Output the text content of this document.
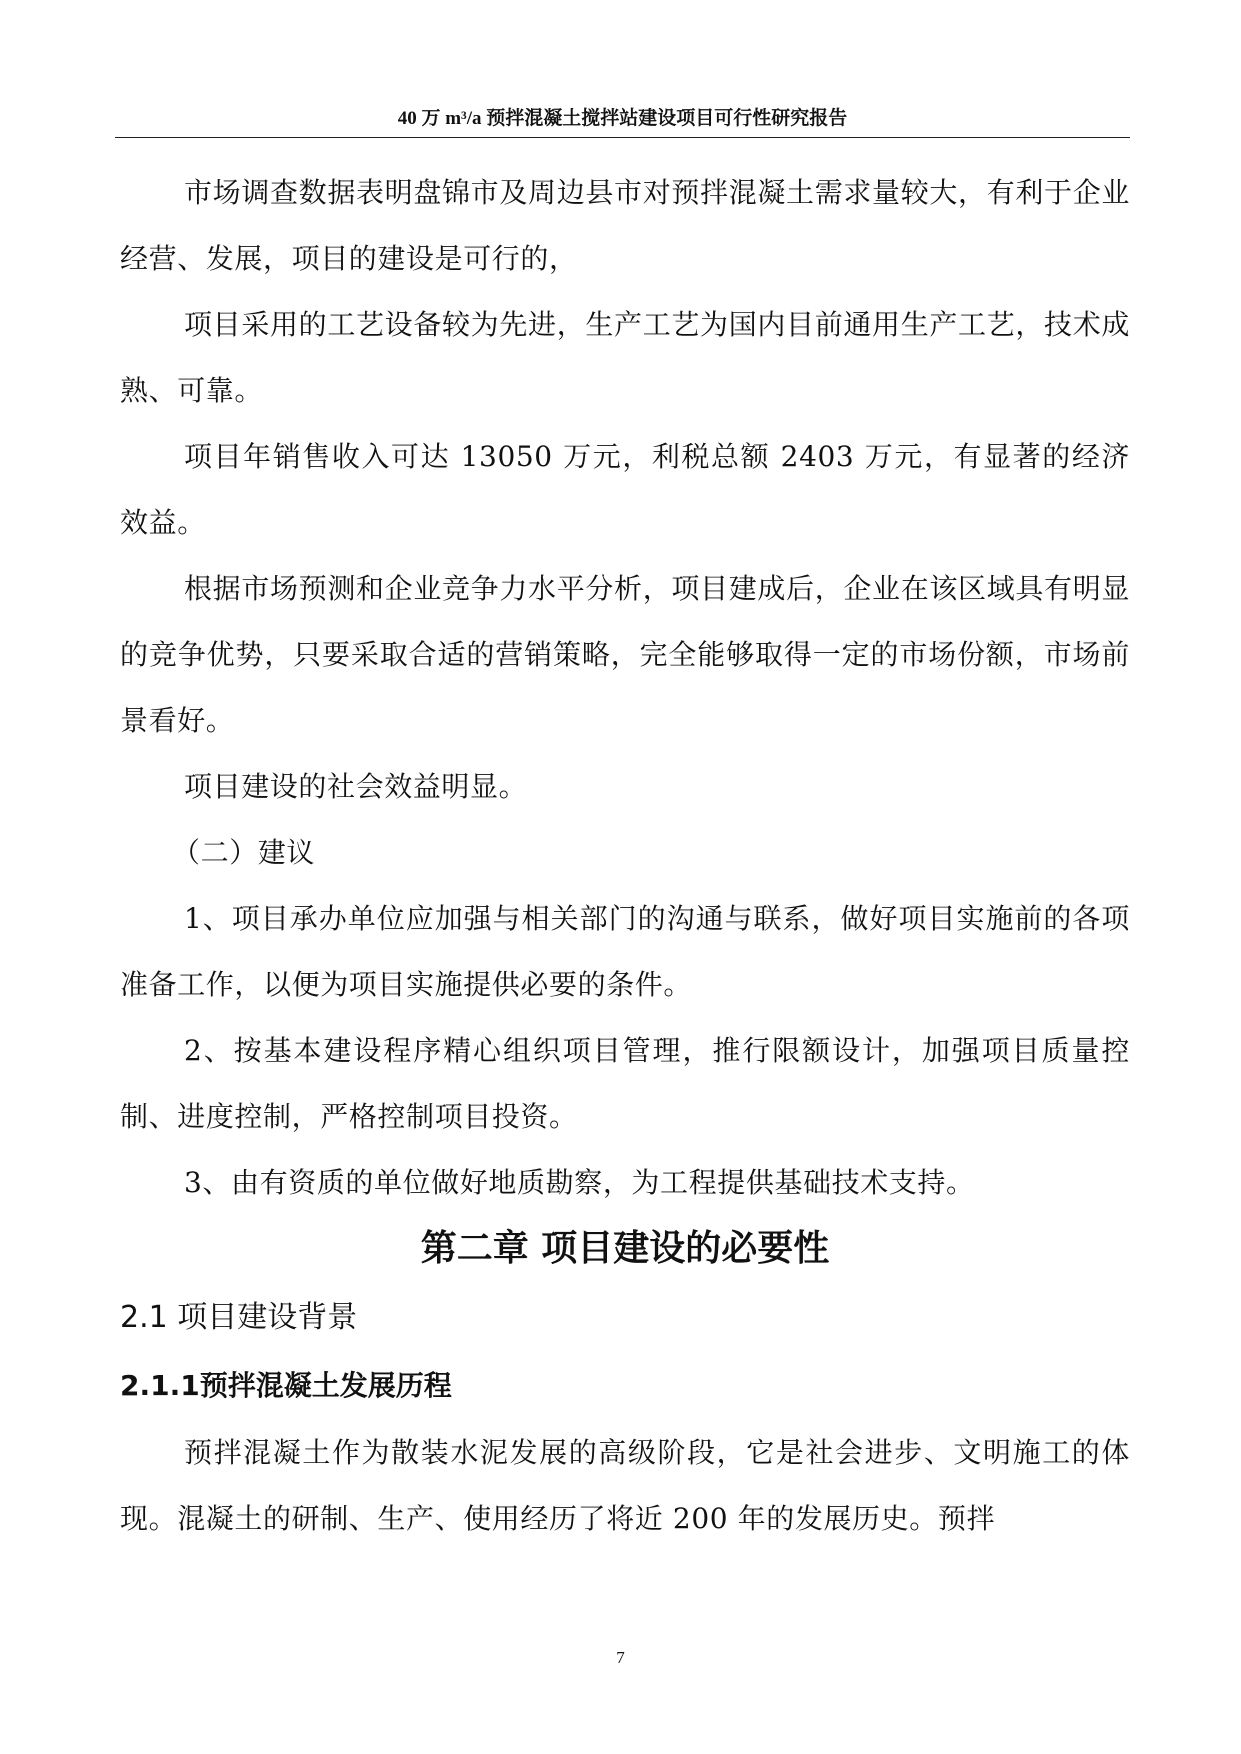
40 万 m³/a 预拌混凝土搅拌站建设项目可行性研究报告

市场调查数据表明盘锦市及周边县市对预拌混凝土需求量较大，有利于企业经营、发展，项目的建设是可行的，

项目采用的工艺设备较为先进，生产工艺为国内目前通用生产工艺，技术成熟、可靠。

项目年销售收入可达 13050 万元，利税总额 2403 万元，有显著的经济效益。

根据市场预测和企业竞争力水平分析，项目建成后，企业在该区域具有明显的竞争优势，只要采取合适的营销策略，完全能够取得一定的市场份额，市场前景看好。

项目建设的社会效益明显。

（二）建议

1、项目承办单位应加强与相关部门的沟通与联系，做好项目实施前的各项准备工作，以便为项目实施提供必要的条件。

2、按基本建设程序精心组织项目管理，推行限额设计，加强项目质量控制、进度控制，严格控制项目投资。

3、由有资质的单位做好地质勘察，为工程提供基础技术支持。

第二章 项目建设的必要性
2.1 项目建设背景
2.1.1预拌混凝土发展历程

预拌混凝土作为散装水泥发展的高级阶段，它是社会进步、文明施工的体现。混凝土的研制、生产、使用经历了将近 200 年的发展历史。预拌

7
